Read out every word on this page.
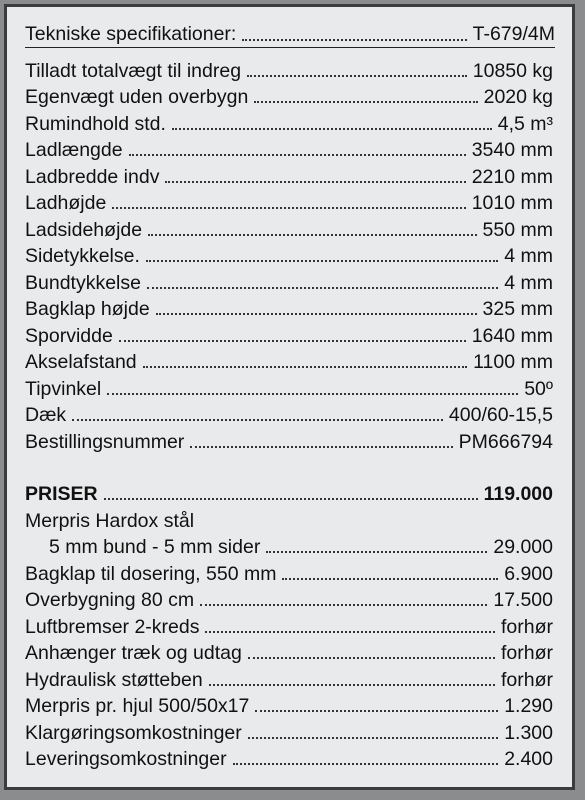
Tekniske specifikationer:	T-679/4M
Tilladt totalvægt til indreg	10850 kg
Egenvægt uden overbygn	2020 kg
Rumindhold std.	4,5 m³
Ladlængde	3540 mm
Ladbredde indv	2210 mm
Ladhøjde	1010 mm
Ladsidehøjde	550 mm
Sidetykkelse.	4 mm
Bundtykkelse	4 mm
Bagklap højde	325 mm
Sporvidde	1640 mm
Akselafstand	1100 mm
Tipvinkel	50º
Dæk	400/60-15,5
Bestillingsnummer	PM666794
PRISER	119.000
Merpris Hardox stål
5 mm bund - 5 mm sider	29.000
Bagklap til dosering, 550 mm	6.900
Overbygning 80 cm	17.500
Luftbremser 2-kreds	forhør
Anhænger træk og udtag	forhør
Hydraulisk støtteben	forhør
Merpris pr. hjul 500/50x17	1.290
Klargøringsomkostninger	1.300
Leveringsomkostninger	2.400
